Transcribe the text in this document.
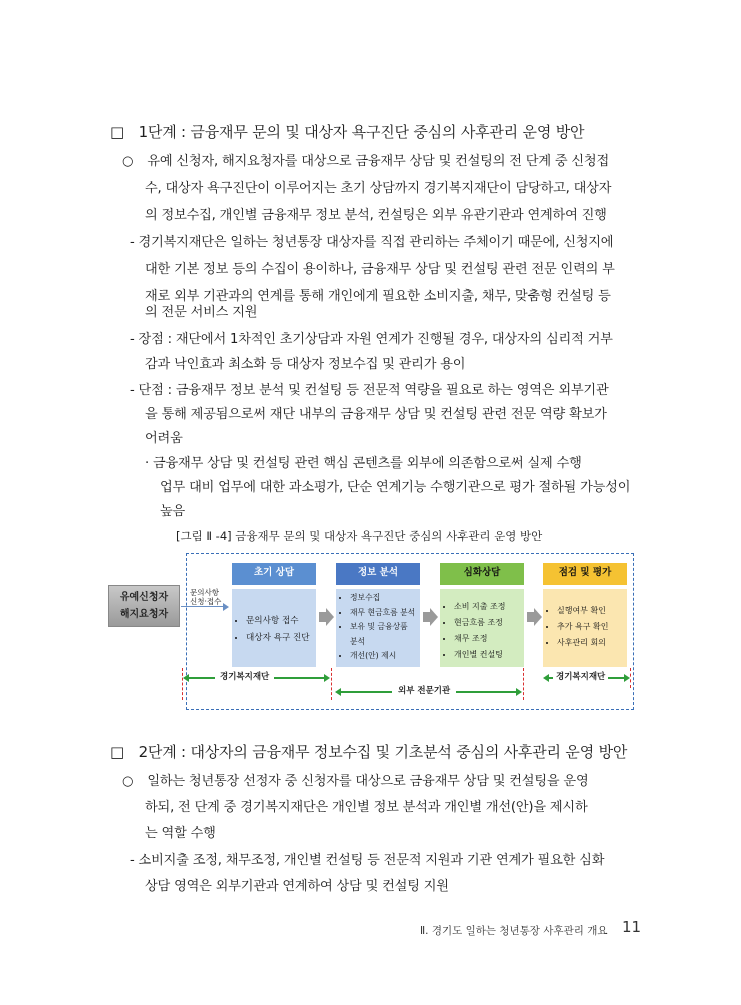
□ 1단계 : 금융재무 문의 및 대상자 욕구진단 중심의 사후관리 운영 방안
○ 유예 신청자, 해지요청자를 대상으로 금융재무 상담 및 컨설팅의 전 단계 중 신청접
수, 대상자 욕구진단이 이루어지는 초기 상담까지 경기복지재단이 담당하고, 대상자
의 정보수집, 개인별 금융재무 정보 분석, 컨설팅은 외부 유관기관과 연계하여 진행
- 경기복지재단은 일하는 청년통장 대상자를 직접 관리하는 주체이기 때문에, 신청지에
대한 기본 정보 등의 수집이 용이하나, 금융재무 상담 및 컨설팅 관련 전문 인력의 부
재로 외부 기관과의 연계를 통해 개인에게 필요한 소비지출, 채무, 맞춤형 컨설팅 등
의 전문 서비스 지원
- 장점 : 재단에서 1차적인 초기상담과 자원 연계가 진행될 경우, 대상자의 심리적 거부
감과 낙인효과 최소화 등 대상자 정보수집 및 관리가 용이
- 단점 : 금융재무 정보 분석 및 컨설팅 등 전문적 역량을 필요로 하는 영역은 외부기관
을 통해 제공됨으로써 재단 내부의 금융재무 상담 및 컨설팅 관련 전문 역량 확보가
어려움
· 금융재무 상담 및 컨설팅 관련 핵심 콘텐츠를 외부에 의존함으로써 실제 수행
업무 대비 업무에 대한 과소평가, 단순 연계기능 수행기관으로 평가 절하될 가능성이
높음
[그림 Ⅱ -4] 금융재무 문의 및 대상자 욕구진단 중심의 사후관리 운영 방안
유예신청자
해지요청자
문의사항
신청·접수
초기 상담
• 문의사항 접수
• 대상자 욕구 진단
정보 분석
• 정보수집
• 재무 현금흐름 분석
• 보유 및 금융상품
분석
• 개선(안) 제시
심화상담
• 소비 지출 조정
• 현금흐름 조정
• 채무 조정
• 개인별 컨설팅
점검 및 평가
• 실행여부 확인
• 추가 욕구 확인
• 사후관리 회의
경기복지재단
외부 전문기관
경기복지재단
□ 2단계 : 대상자의 금융재무 정보수집 및 기초분석 중심의 사후관리 운영 방안
○ 일하는 청년통장 선정자 중 신청자를 대상으로 금융재무 상담 및 컨설팅을 운영
하되, 전 단계 중 경기복지재단은 개인별 정보 분석과 개인별 개선(안)을 제시하
는 역할 수행
- 소비지출 조정, 채무조정, 개인별 컨설팅 등 전문적 지원과 기관 연계가 필요한 심화
상담 영역은 외부기관과 연계하여 상담 및 컨설팅 지원
Ⅱ. 경기도 일하는 청년통장 사후관리 개요 11
